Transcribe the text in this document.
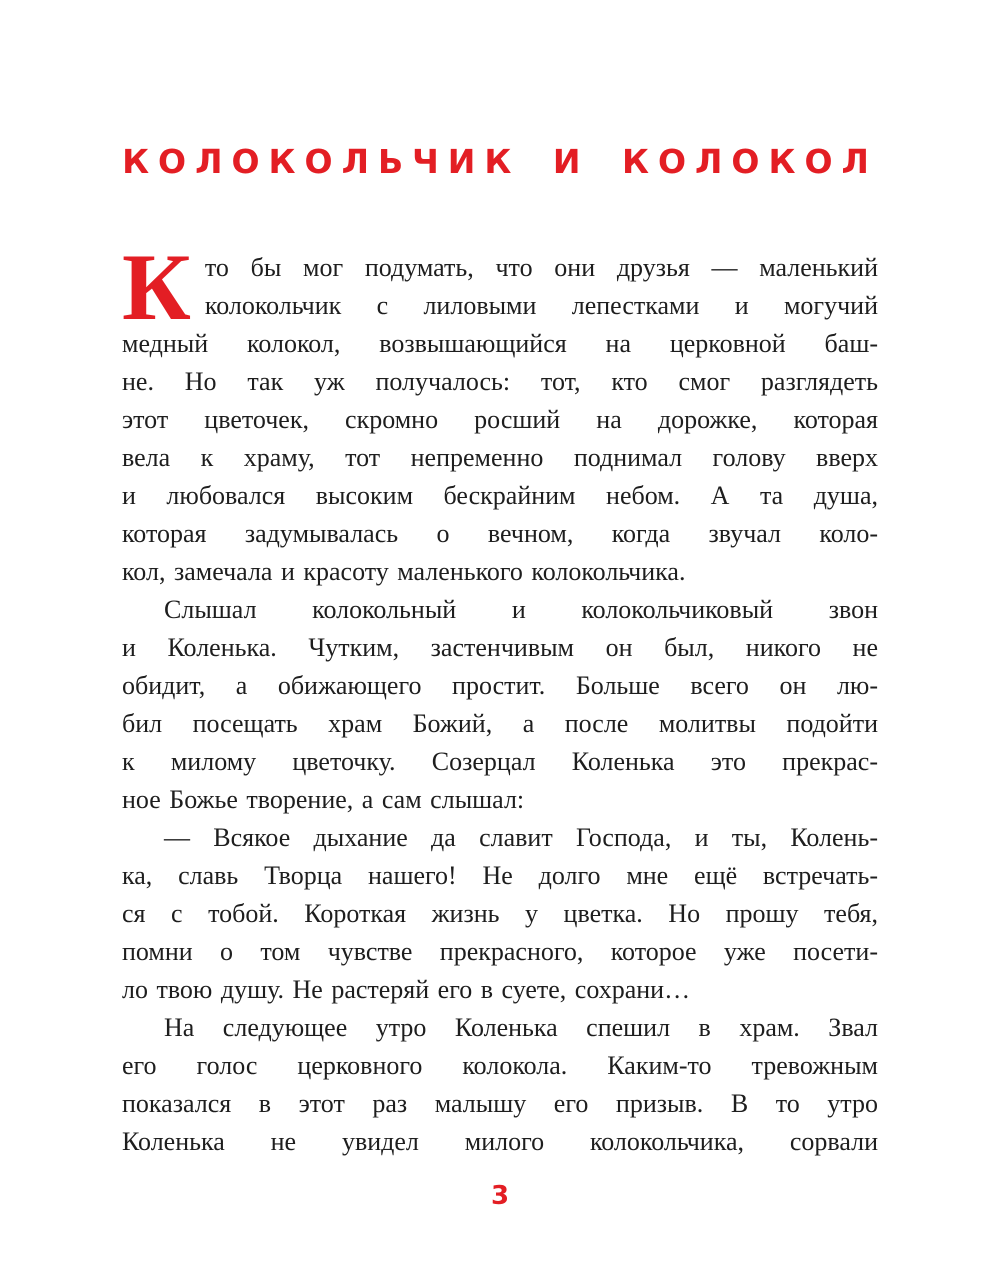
КОЛОКОЛЬЧИК И КОЛОКОЛ
К то бы мог подумать, что они друзья — маленький
колокольчик с лиловыми лепестками и могучий
медный колокол, возвышающийся на церковной баш-
не. Но так уж получалось: тот, кто смог разглядеть
этот цветочек, скромно росший на дорожке, которая
вела к храму, тот непременно поднимал голову вверх
и любовался высоким бескрайним небом. А та душа,
которая задумывалась о вечном, когда звучал коло-
кол, замечала и красоту маленького колокольчика.
Слышал колокольный и колокольчиковый звон
и Коленька. Чутким, застенчивым он был, никого не
обидит, а обижающего простит. Больше всего он лю-
бил посещать храм Божий, а после молитвы подойти
к милому цветочку. Созерцал Коленька это прекрас-
ное Божье творение, а сам слышал:
— Всякое дыхание да славит Господа, и ты, Колень-
ка, славь Творца нашего! Не долго мне ещё встречать-
ся с тобой. Короткая жизнь у цветка. Но прошу тебя,
помни о том чувстве прекрасного, которое уже посети-
ло твою душу. Не растеряй его в суете, сохрани…
На следующее утро Коленька спешил в храм. Звал
его голос церковного колокола. Каким-то тревожным
показался в этот раз малышу его призыв. В то утро
Коленька не увидел милого колокольчика, сорвали
3
